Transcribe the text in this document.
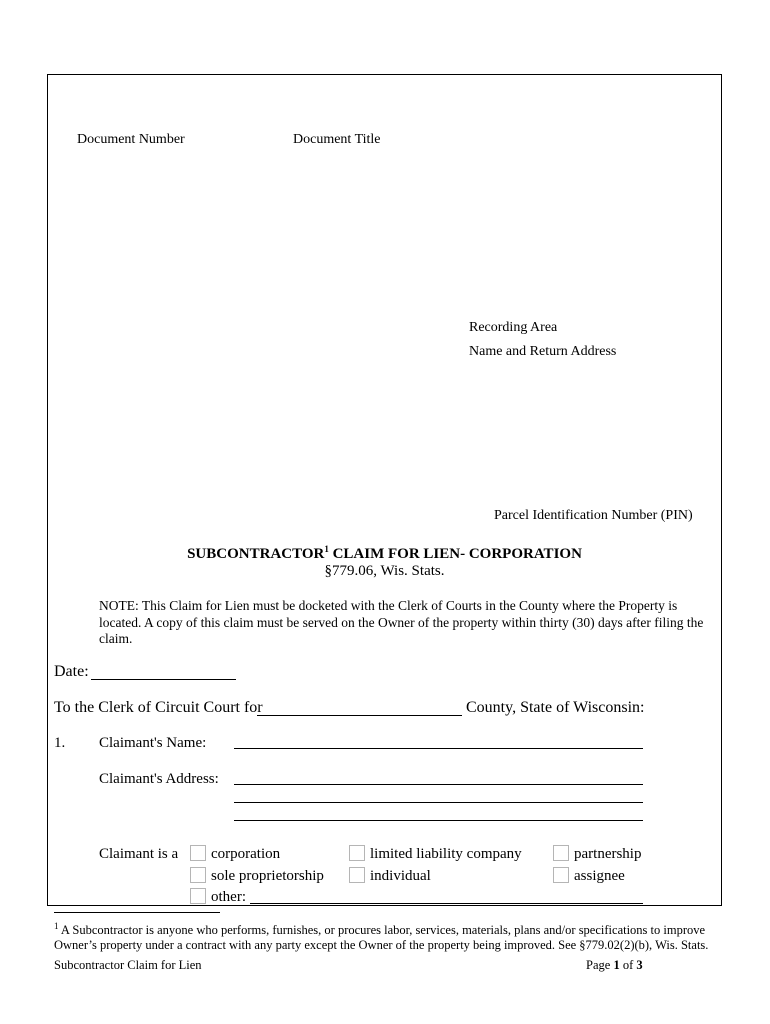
Document Number	Document Title
Recording Area
Name and Return Address
Parcel Identification Number (PIN)
SUBCONTRACTOR$^1$ CLAIM FOR LIEN- CORPORATION
§779.06, Wis. Stats.
NOTE: This Claim for Lien must be docketed with the Clerk of Courts in the County where the Property is located. A copy of this claim must be served on the Owner of the property within thirty (30) days after filing the claim.
Date:
To the Clerk of Circuit Court for	County, State of Wisconsin:
1. Claimant's Name:
Claimant's Address:
Claimant is a corporation	limited liability company	partnership
sole proprietorship	individual	assignee
other:
$^1$ A Subcontractor is anyone who performs, furnishes, or procures labor, services, materials, plans and/or specifications to improve Owner’s property under a contract with any party except the Owner of the property being improved. See §779.02(2)(b), Wis. Stats.
Subcontractor Claim for Lien	Page 1 of 3
